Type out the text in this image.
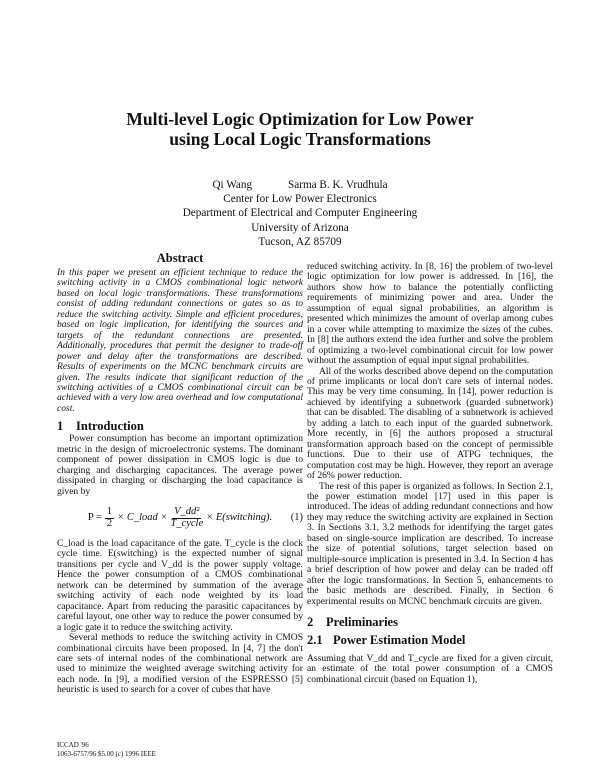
Multi-level Logic Optimization for Low Power
using Local Logic Transformations
Qi Wang	Sarma B. K. Vrudhula
Center for Low Power Electronics
Department of Electrical and Computer Engineering
University of Arizona
Tucson, AZ 85709
Abstract

In this paper we present an efficient technique to reduce the switching activity in a CMOS combinational logic network based on local logic transformations. These transformations consist of adding redundant connections or gates so as to reduce the switching activity. Simple and efficient procedures, based on logic implication, for identifying the sources and targets of the redundant connections are presented. Additionally, procedures that permit the designer to trade-off power and delay after the transformations are described. Results of experiments on the MCNC benchmark circuits are given. The results indicate that significant reduction of the switching activities of a CMOS combinational circuit can be achieved with a very low area overhead and low computational cost.

1 Introduction

Power consumption has become an important optimization metric in the design of microelectronic systems. The dominant component of power dissipation in CMOS logic is due to charging and discharging capacitances. The average power dissipated in charging or discharging the load capacitance is given by

$P = \frac{1}{2}$ × C_load × $\frac{\text{V\_dd²}}{\text{T\_cycle}}$ × E(switching). (1)

C_load is the load capacitance of the gate. T_cycle is the clock cycle time. E(switching) is the expected number of signal transitions per cycle and V_dd is the power supply voltage. Hence the power consumption of a CMOS combinational network can be determined by summation of the average switching activity of each node weighted by its load capacitance. Apart from reducing the parasitic capacitances by careful layout, one other way to reduce the power consumed by a logic gate it to reduce the switching activity.

Several methods to reduce the switching activity in CMOS combinational circuits have been proposed. In [4, 7] the don't care sets of internal nodes of the combinational network are used to minimize the weighted average switching activity for each node. In [9], a modified version of the ESPRESSO [5] heuristic is used to search for a cover of cubes that have

reduced switching activity. In [8, 16] the problem of two-level logic optimization for low power is addressed. In [16], the authors show how to balance the potentially conflicting requirements of minimizing power and area. Under the assumption of equal signal probabilities, an algorithm is presented which minimizes the amount of overlap among cubes in a cover while attempting to maximize the sizes of the cubes. In [8] the authors extend the idea further and solve the problem of optimizing a two-level combinational circuit for low power without the assumption of equal input signal probabilities.

All of the works described above depend on the computation of prime implicants or local don't care sets of internal nodes. This may be very time consuming. In [14], power reduction is achieved by identifying a subnetwork (guarded subnetwork) that can be disabled. The disabling of a subnetwork is achieved by adding a latch to each input of the guarded subnetwork. More recently, in [6] the authors proposed a structural transformation approach based on the concept of permissible functions. Due to their use of ATPG techniques, the computation cost may be high. However, they report an average of 26% power reduction.

The rest of this paper is organized as follows. In Section 2.1, the power estimation model [17] used in this paper is introduced. The ideas of adding redundant connections and how they may reduce the switching activity are explained in Section 3. In Sections 3.1, 3.2 methods for identifying the target gates based on single-source implication are described. To increase the size of potential solutions, target selection based on multiple-source implication is presented in 3.4. In Section 4 has a brief description of how power and delay can be traded off after the logic transformations. In Section 5, enhancements to the basic methods are described. Finally, in Section 6 experimental results on MCNC benchmark circuits are given.

2 Preliminaries
2.1 Power Estimation Model

Assuming that V_dd and T_cycle are fixed for a given circuit, an estimate of the total power consumption of a CMOS combinational circuit (based on Equation 1),

ICCAD '96
1063-6757/96 $5.00 (c) 1996 IEEE
